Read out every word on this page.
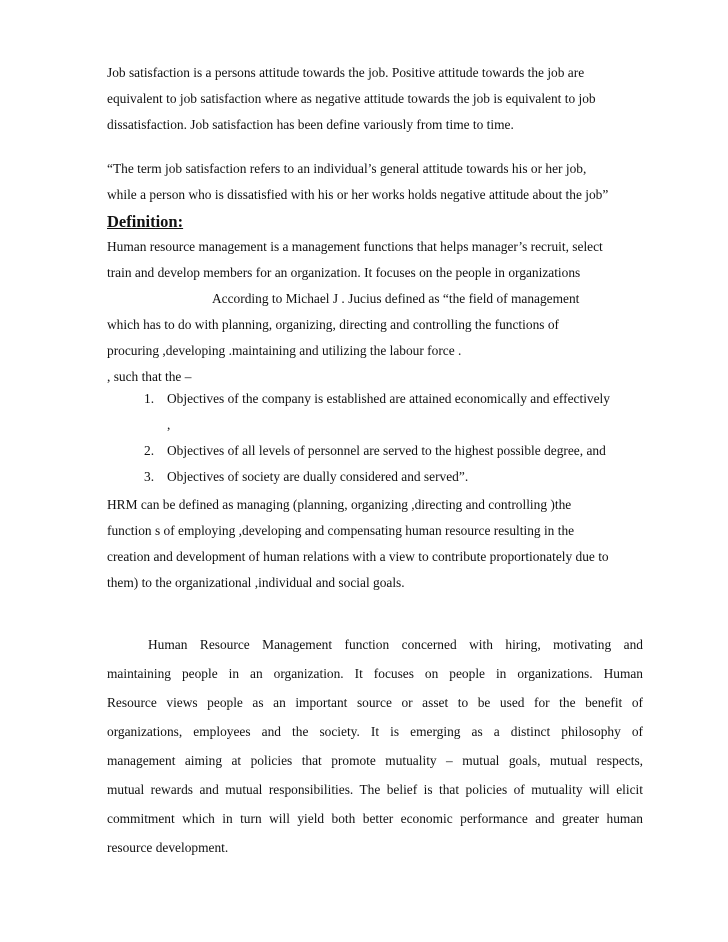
Job satisfaction is a persons attitude towards the job. Positive attitude towards the job are
equivalent to job satisfaction where as negative attitude towards the job is equivalent to job
dissatisfaction. Job satisfaction has been define variously from time to time.
“The term job satisfaction refers to an individual’s general attitude towards his or her job,
while a person who is dissatisfied with his or her works holds negative attitude about the job”
Definition:
Human resource management is a management functions that helps manager’s recruit, select
train and develop members for an organization. It focuses on the people in organizations
According to Michael J . Jucius defined as “the field of management
which has to do with planning, organizing, directing and controlling the functions of
procuring ,developing .maintaining and utilizing the labour force .
, such that the –
1. Objectives of the company is established are attained economically and effectively
,
2. Objectives of all levels of personnel are served to the highest possible degree, and
3. Objectives of society are dually considered and served”.
HRM can be defined as managing (planning, organizing ,directing and controlling )the
function s of employing ,developing and compensating human resource resulting in the
creation and development of human relations with a view to contribute proportionately due to
them) to the organizational ,individual and social goals.
Human Resource Management function concerned with hiring, motivating and
maintaining people in an organization. It focuses on people in organizations. Human
Resource views people as an important source or asset to be used for the benefit of
organizations, employees and the society. It is emerging as a distinct philosophy of
management aiming at policies that promote mutuality – mutual goals, mutual respects,
mutual rewards and mutual responsibilities. The belief is that policies of mutuality will elicit
commitment which in turn will yield both better economic performance and greater human
resource development.
